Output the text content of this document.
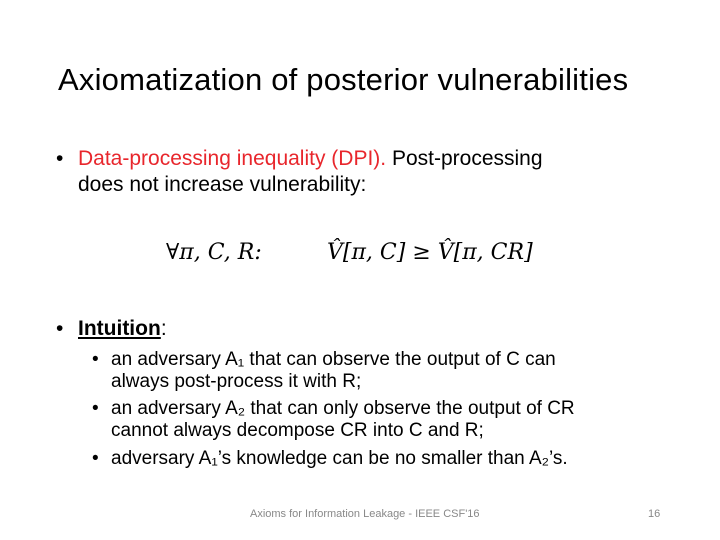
Axiomatization of posterior vulnerabilities
• Data-processing inequality (DPI). Post-processing
does not increase vulnerability:
∀π, C, R:	V̂[π, C] ≥ V̂[π, CR]
• Intuition:
• an adversary A₁ that can observe the output of C can
always post-process it with R;
• an adversary A₂ that can only observe the output of CR
cannot always decompose CR into C and R;
• adversary A₁’s knowledge can be no smaller than A₂’s.
Axioms for Information Leakage - IEEE CSF'16	16
